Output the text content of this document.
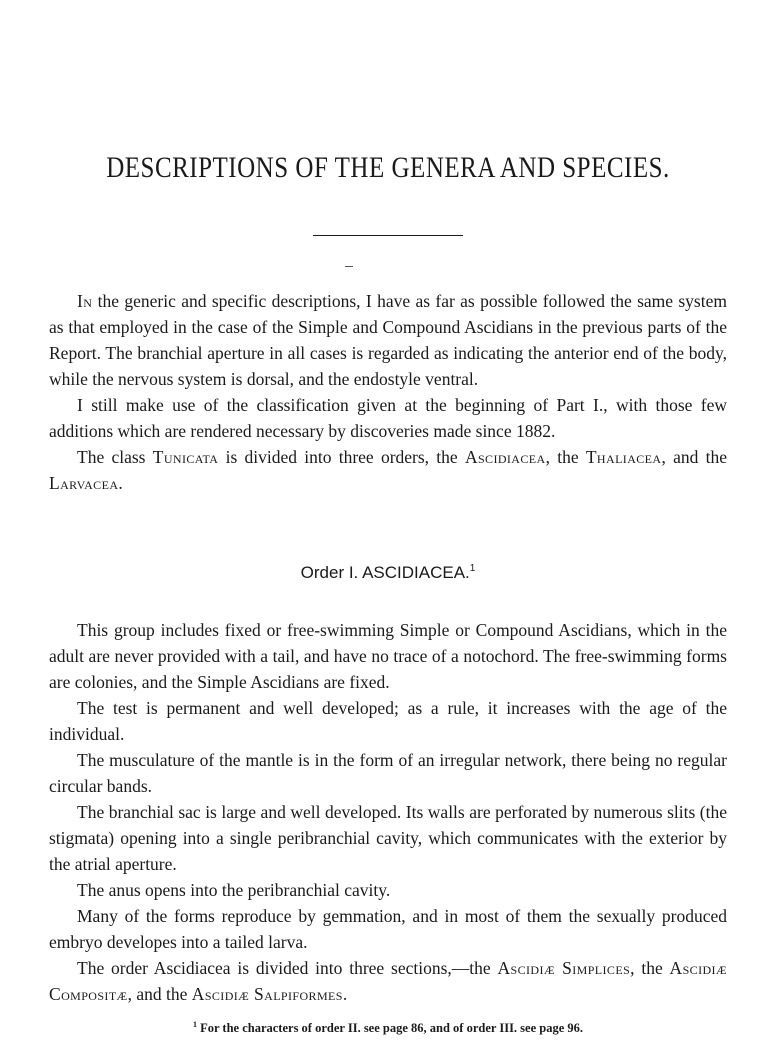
DESCRIPTIONS OF THE GENERA AND SPECIES.

In the generic and specific descriptions, I have as far as possible followed the same system as that employed in the case of the Simple and Compound Ascidians in the previous parts of the Report. The branchial aperture in all cases is regarded as indicating the anterior end of the body, while the nervous system is dorsal, and the endostyle ventral.

I still make use of the classification given at the beginning of Part I., with those few additions which are rendered necessary by discoveries made since 1882.

The class Tunicata is divided into three orders, the Ascidiacea, the Thaliacea, and the Larvacea.

Order I. ASCIDIACEA.$^1$

This group includes fixed or free-swimming Simple or Compound Ascidians, which in the adult are never provided with a tail, and have no trace of a notochord. The free-swimming forms are colonies, and the Simple Ascidians are fixed.

The test is permanent and well developed; as a rule, it increases with the age of the individual.

The musculature of the mantle is in the form of an irregular network, there being no regular circular bands.

The branchial sac is large and well developed. Its walls are perforated by numerous slits (the stigmata) opening into a single peribranchial cavity, which communicates with the exterior by the atrial aperture.

The anus opens into the peribranchial cavity.

Many of the forms reproduce by gemmation, and in most of them the sexually produced embryo developes into a tailed larva.

The order Ascidiacea is divided into three sections,—the Ascidiæ Simplices, the Ascidiæ Compositæ, and the Ascidiæ Salpiformes.

$^1$ For the characters of order II. see page 86, and of order III. see page 96.
